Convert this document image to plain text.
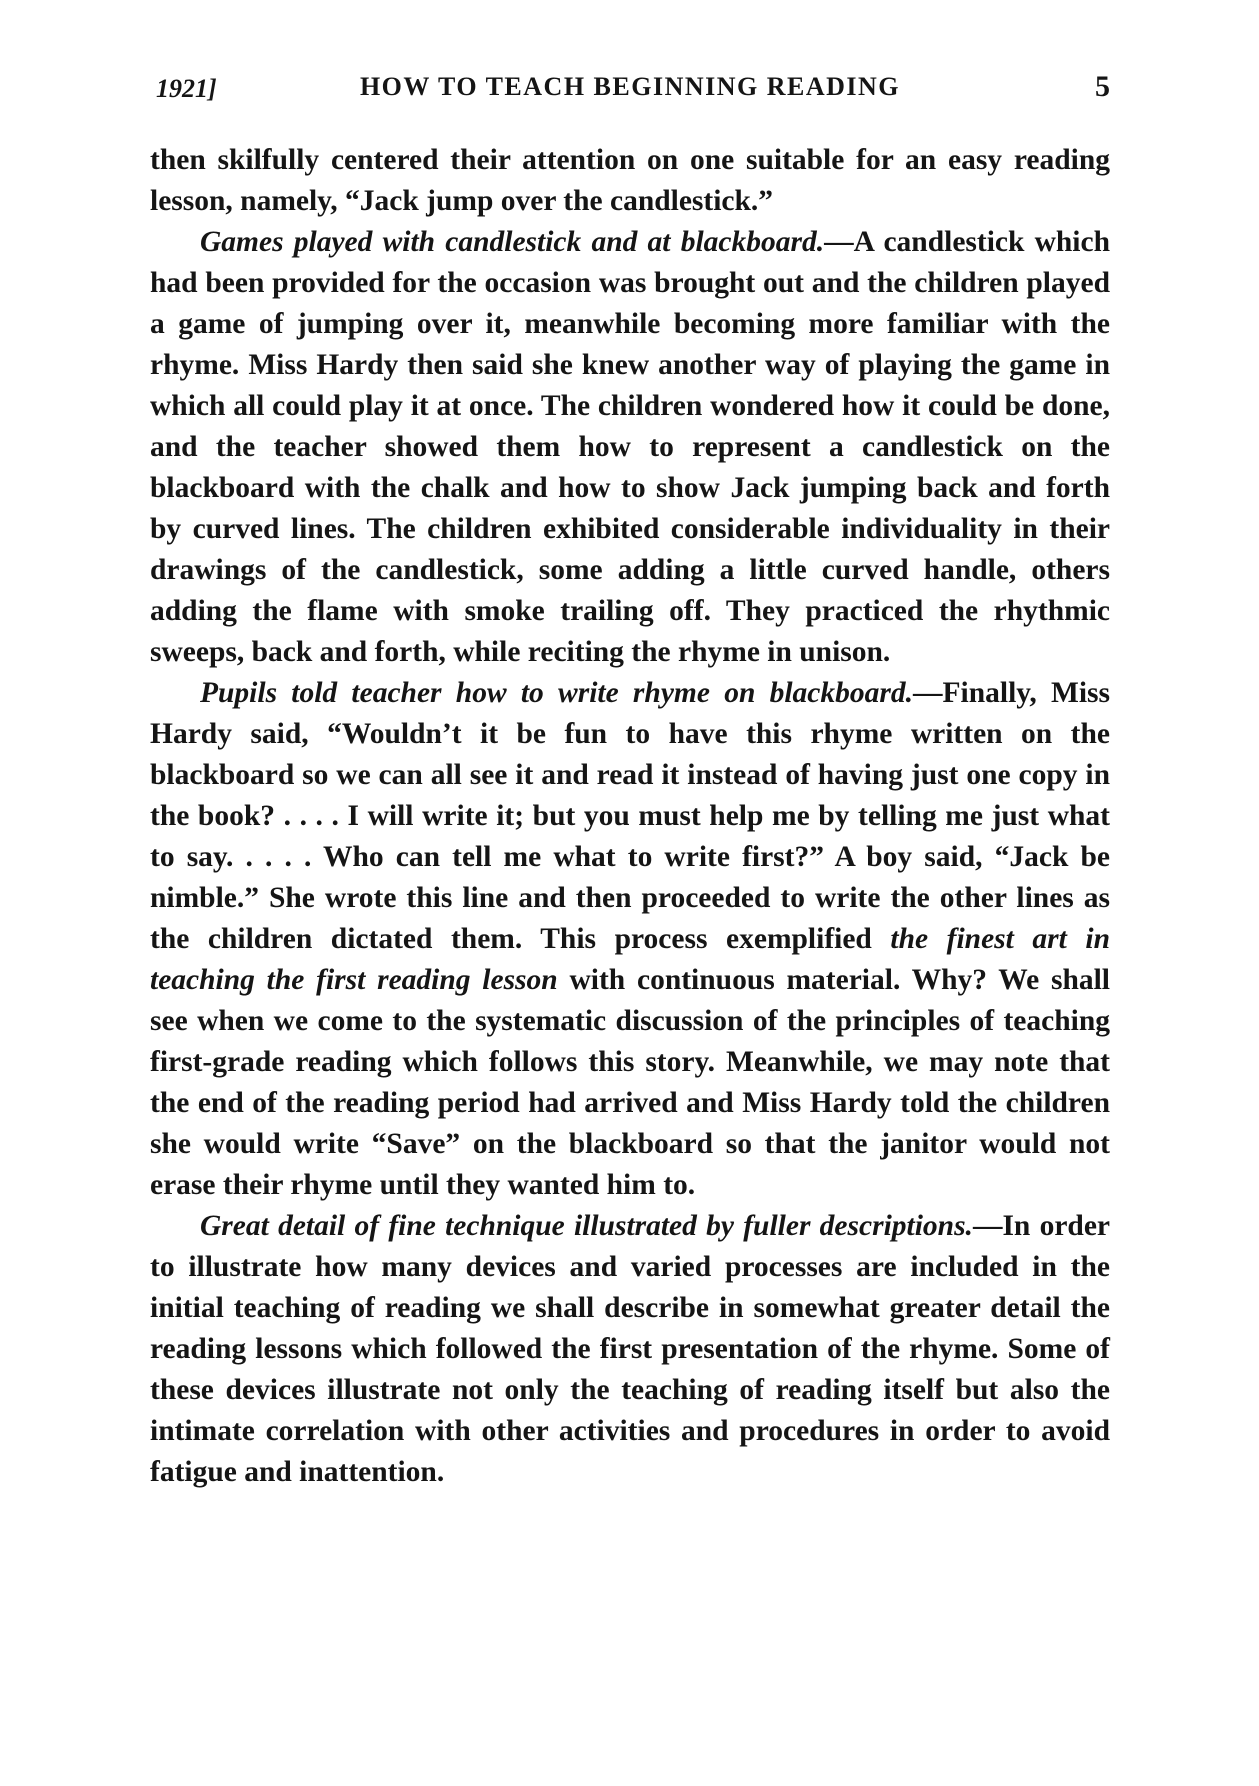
1921]	HOW TO TEACH BEGINNING READING	5

then skilfully centered their attention on one suitable for an easy reading lesson, namely, “Jack jump over the candlestick.”

Games played with candlestick and at blackboard.—A candlestick which had been provided for the occasion was brought out and the children played a game of jumping over it, meanwhile becoming more familiar with the rhyme. Miss Hardy then said she knew another way of playing the game in which all could play it at once. The children wondered how it could be done, and the teacher showed them how to represent a candlestick on the blackboard with the chalk and how to show Jack jumping back and forth by curved lines. The children exhibited considerable individuality in their drawings of the candlestick, some adding a little curved handle, others adding the flame with smoke trailing off. They practiced the rhythmic sweeps, back and forth, while reciting the rhyme in unison.

Pupils told teacher how to write rhyme on blackboard.—Finally, Miss Hardy said, “Wouldn’t it be fun to have this rhyme written on the blackboard so we can all see it and read it instead of having just one copy in the book? . . . . I will write it; but you must help me by telling me just what to say. . . . . Who can tell me what to write first?” A boy said, “Jack be nimble.” She wrote this line and then proceeded to write the other lines as the children dictated them. This process exemplified the finest art in teaching the first reading lesson with continuous material. Why? We shall see when we come to the systematic discussion of the principles of teaching first-grade reading which follows this story. Meanwhile, we may note that the end of the reading period had arrived and Miss Hardy told the children she would write “Save” on the blackboard so that the janitor would not erase their rhyme until they wanted him to.

Great detail of fine technique illustrated by fuller descriptions.—In order to illustrate how many devices and varied processes are included in the initial teaching of reading we shall describe in somewhat greater detail the reading lessons which followed the first presentation of the rhyme. Some of these devices illustrate not only the teaching of reading itself but also the intimate correlation with other activities and procedures in order to avoid fatigue and inattention.
